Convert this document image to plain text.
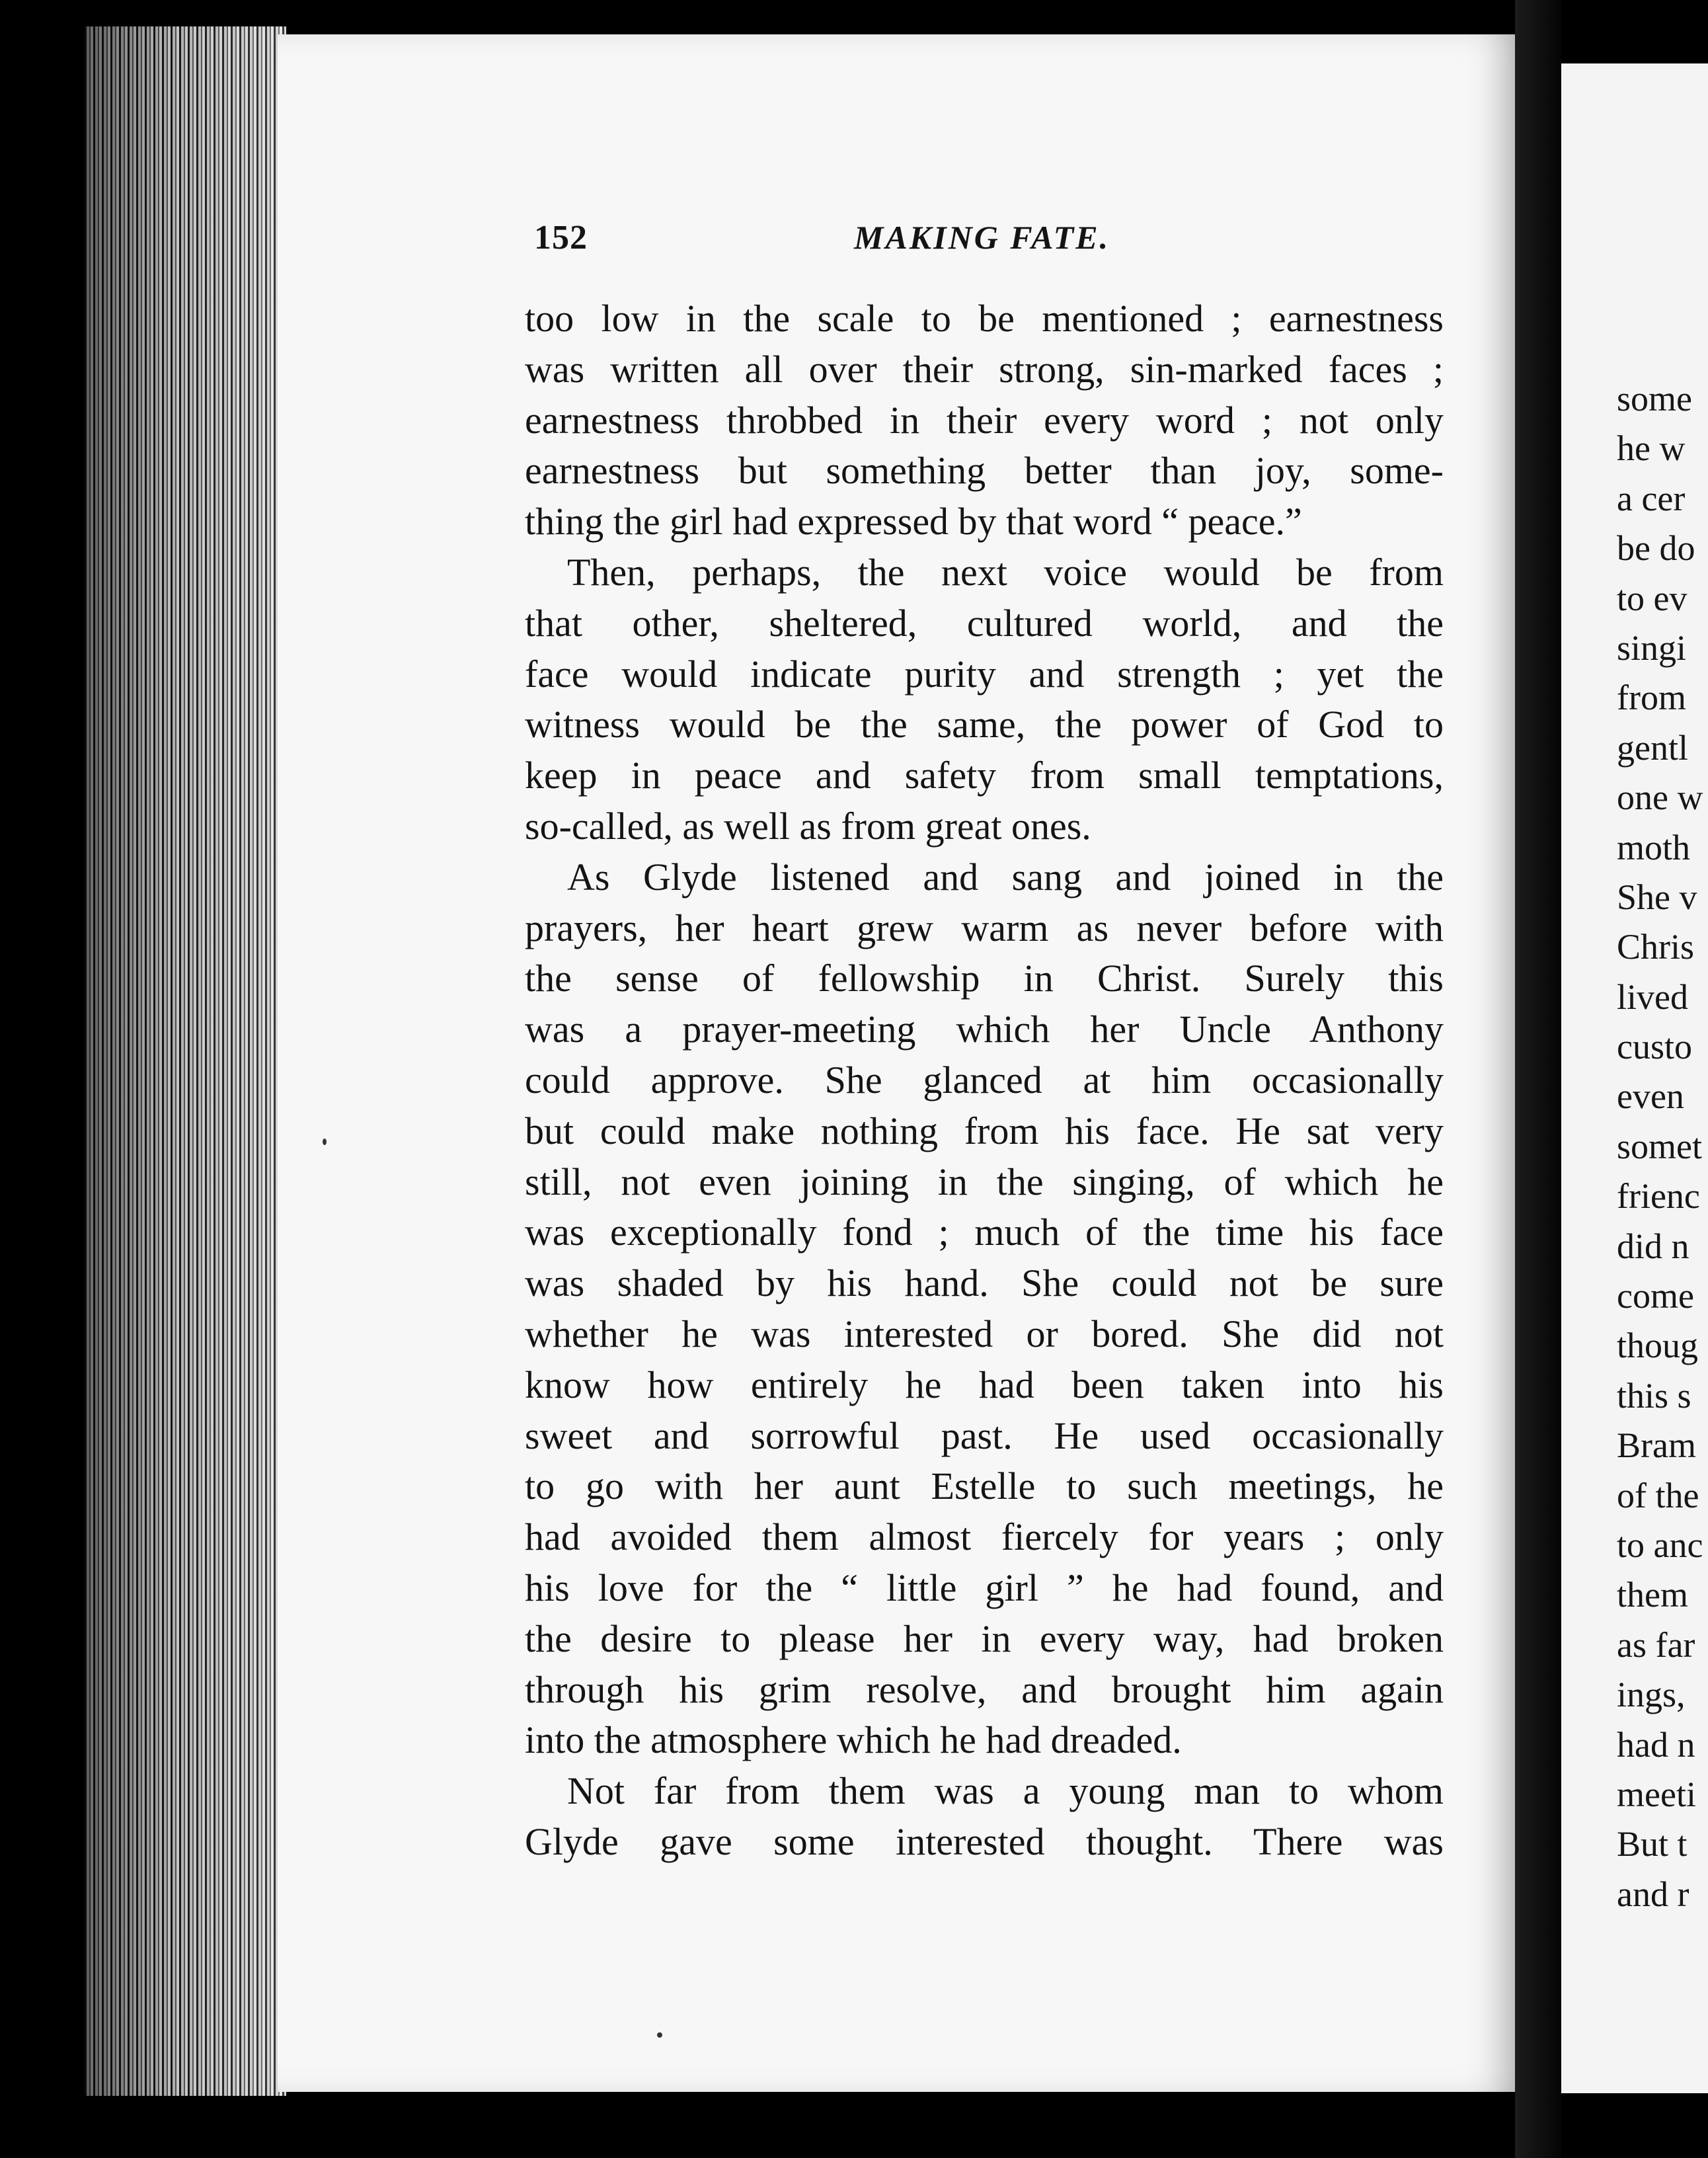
some
he w
a cer
be do
to ev
singi
from
gentl
one w
moth
She v
Chris
lived
custo
even
somet
frienc
did n
come
thoug
this s
Bram
of the
to anc
them
as far
ings,
had n
meeti
But t
and r
152	MAKING FATE.
too low in the scale to be mentioned ; earnestness
was written all over their strong, sin-marked faces ;
earnestness throbbed in their every word ; not only
earnestness but something better than joy, some-
thing the girl had expressed by that word “ peace.”
Then, perhaps, the next voice would be from
that other, sheltered, cultured world, and the
face would indicate purity and strength ; yet the
witness would be the same, the power of God to
keep in peace and safety from small temptations,
so-called, as well as from great ones.
As Glyde listened and sang and joined in the
prayers, her heart grew warm as never before with
the sense of fellowship in Christ. Surely this
was a prayer-meeting which her Uncle Anthony
could approve. She glanced at him occasionally
but could make nothing from his face. He sat very
still, not even joining in the singing, of which he
was exceptionally fond ; much of the time his face
was shaded by his hand. She could not be sure
whether he was interested or bored. She did not
know how entirely he had been taken into his
sweet and sorrowful past. He used occasionally
to go with her aunt Estelle to such meetings, he
had avoided them almost fiercely for years ; only
his love for the “ little girl ” he had found, and
the desire to please her in every way, had broken
through his grim resolve, and brought him again
into the atmosphere which he had dreaded.
Not far from them was a young man to whom
Glyde gave some interested thought. There was
